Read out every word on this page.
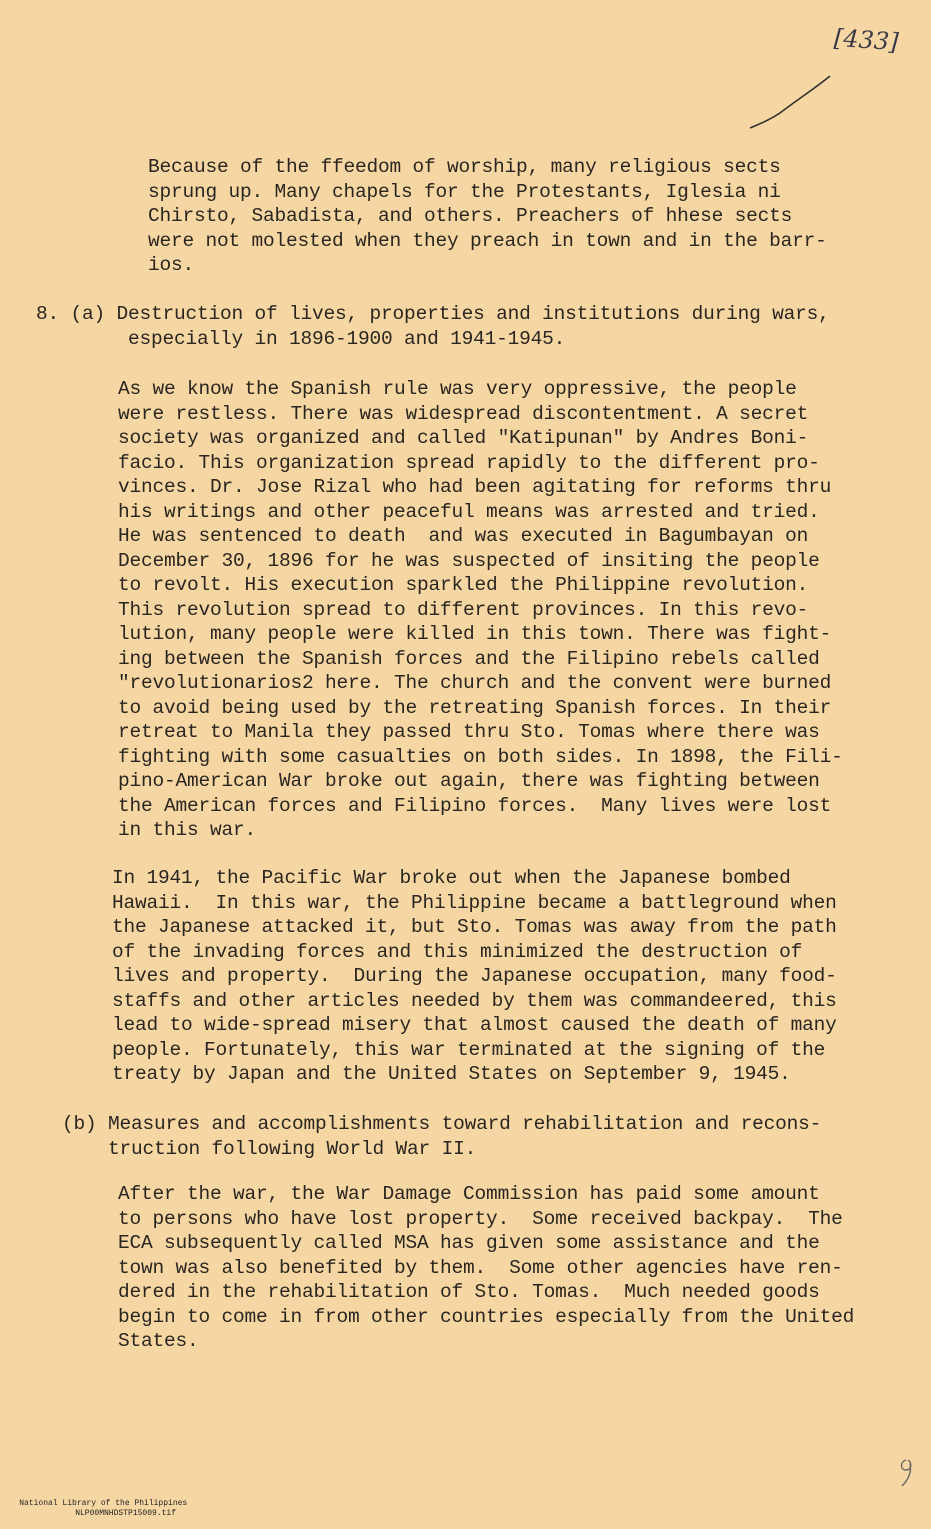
[433]

Because of the ffeedom of worship, many religious sects
sprung up. Many chapels for the Protestants, Iglesia ni
Chirsto, Sabadista, and others. Preachers of hhese sects
were not molested when they preach in town and in the barr-
ios.

8. (a) Destruction of lives, properties and institutions during wars,
especially in 1896-1900 and 1941-1945.

As we know the Spanish rule was very oppressive, the people
were restless. There was widespread discontentment. A secret
society was organized and called "Katipunan" by Andres Boni-
facio. This organization spread rapidly to the different pro-
vinces. Dr. Jose Rizal who had been agitating for reforms thru
his writings and other peaceful means was arrested and tried.
He was sentenced to death  and was executed in Bagumbayan on
December 30, 1896 for he was suspected of insiting the people
to revolt. His execution sparkled the Philippine revolution.
This revolution spread to different provinces. In this revo-
lution, many people were killed in this town. There was fight-
ing between the Spanish forces and the Filipino rebels called
"revolutionarios2 here. The church and the convent were burned
to avoid being used by the retreating Spanish forces. In their
retreat to Manila they passed thru Sto. Tomas where there was
fighting with some casualties on both sides. In 1898, the Fili-
pino-American War broke out again, there was fighting between
the American forces and Filipino forces.  Many lives were lost
in this war.

In 1941, the Pacific War broke out when the Japanese bombed
Hawaii.  In this war, the Philippine became a battleground when
the Japanese attacked it, but Sto. Tomas was away from the path
of the invading forces and this minimized the destruction of
lives and property.  During the Japanese occupation, many food-
staffs and other articles needed by them was commandeered, this
lead to wide-spread misery that almost caused the death of many
people. Fortunately, this war terminated at the signing of the
treaty by Japan and the United States on September 9, 1945.

(b) Measures and accomplishments toward rehabilitation and recons-
truction following World War II.

After the war, the War Damage Commission has paid some amount
to persons who have lost property.  Some received backpay.  The
ECA subsequently called MSA has given some assistance and the
town was also benefited by them.  Some other agencies have ren-
dered in the rehabilitation of Sto. Tomas.  Much needed goods
begin to come in from other countries especially from the United
States.

National Library of the Philippines
NLP00MNHDSTP15009.tif
